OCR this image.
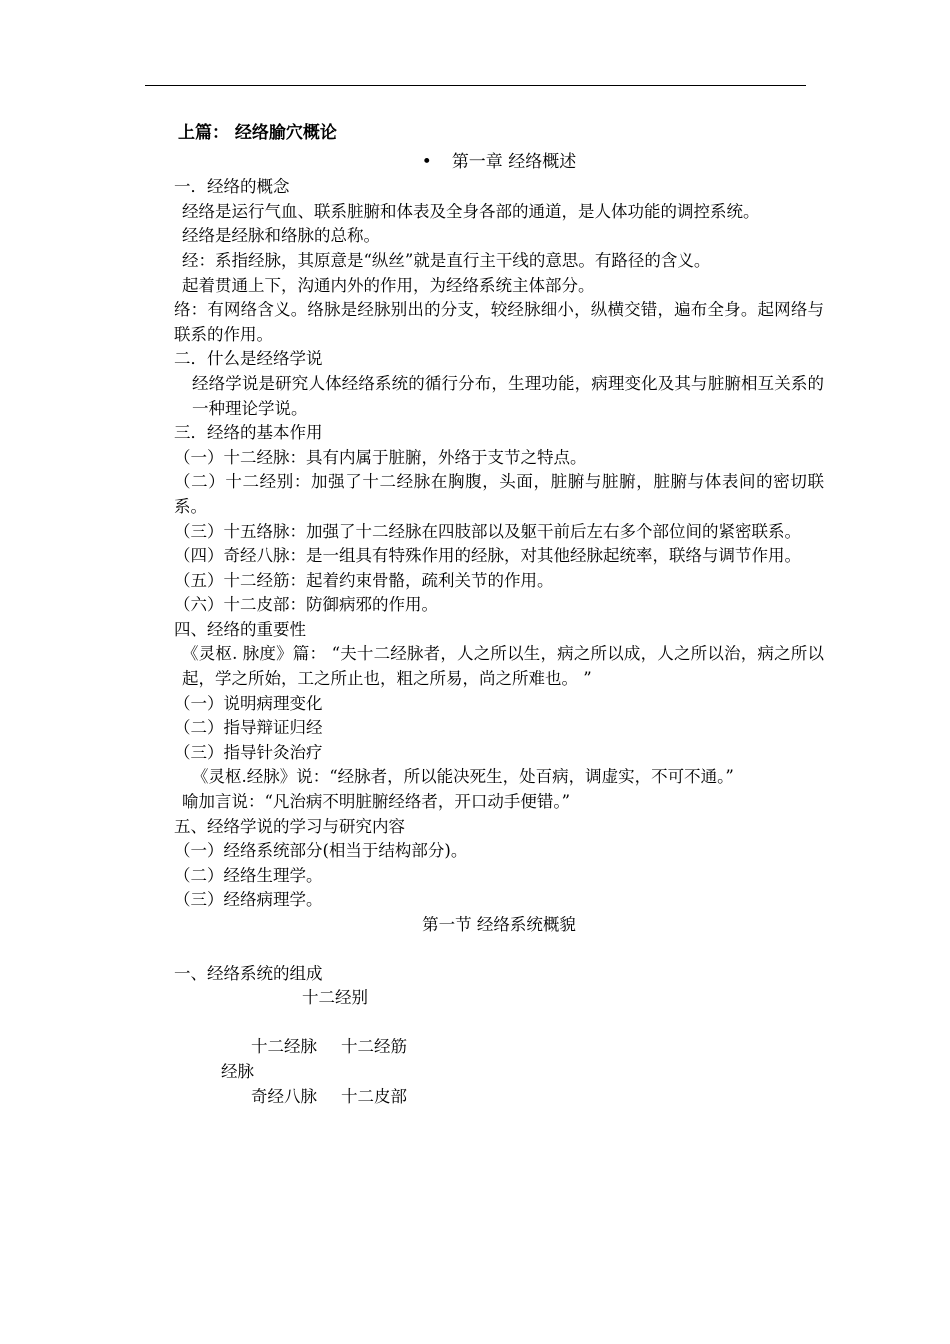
上篇： 经络腧穴概论

• 第一章 经络概述

一．经络的概念

经络是运行气血、联系脏腑和体表及全身各部的通道，是人体功能的调控系统。

经络是经脉和络脉的总称。

经：系指经脉，其原意是“纵丝”就是直行主干线的意思。有路径的含义。

起着贯通上下，沟通内外的作用，为经络系统主体部分。

络：有网络含义。络脉是经脉别出的分支，较经脉细小，纵横交错，遍布全身。起网络与联系的作用。

二．什么是经络学说

经络学说是研究人体经络系统的循行分布，生理功能，病理变化及其与脏腑相互关系的一种理论学说。

三．经络的基本作用

（一）十二经脉：具有内属于脏腑，外络于支节之特点。

（二）十二经别：加强了十二经脉在胸腹，头面，脏腑与脏腑，脏腑与体表间的密切联系。

（三）十五络脉：加强了十二经脉在四肢部以及躯干前后左右多个部位间的紧密联系。

（四）奇经八脉：是一组具有特殊作用的经脉，对其他经脉起统率，联络与调节作用。

（五）十二经筋：起着约束骨骼，疏利关节的作用。

（六）十二皮部：防御病邪的作用。

四、经络的重要性

《灵枢. 脉度》篇： “夫十二经脉者，人之所以生，病之所以成，人之所以治，病之所以起，学之所始，工之所止也，粗之所易，尚之所难也。 ”

（一）说明病理变化

（二）指导辩证归经

（三）指导针灸治疗

《灵枢.经脉》说：“经脉者，所以能决死生，处百病，调虚实，不可不通。”

喻加言说：“凡治病不明脏腑经络者，开口动手便错。”

五、经络学说的学习与研究内容

（一）经络系统部分(相当于结构部分)。

（二）经络生理学。

（三）经络病理学。

第一节 经络系统概貌

一、经络系统的组成

十二经别
十二经脉 十二经筋
经脉
奇经八脉 十二皮部
